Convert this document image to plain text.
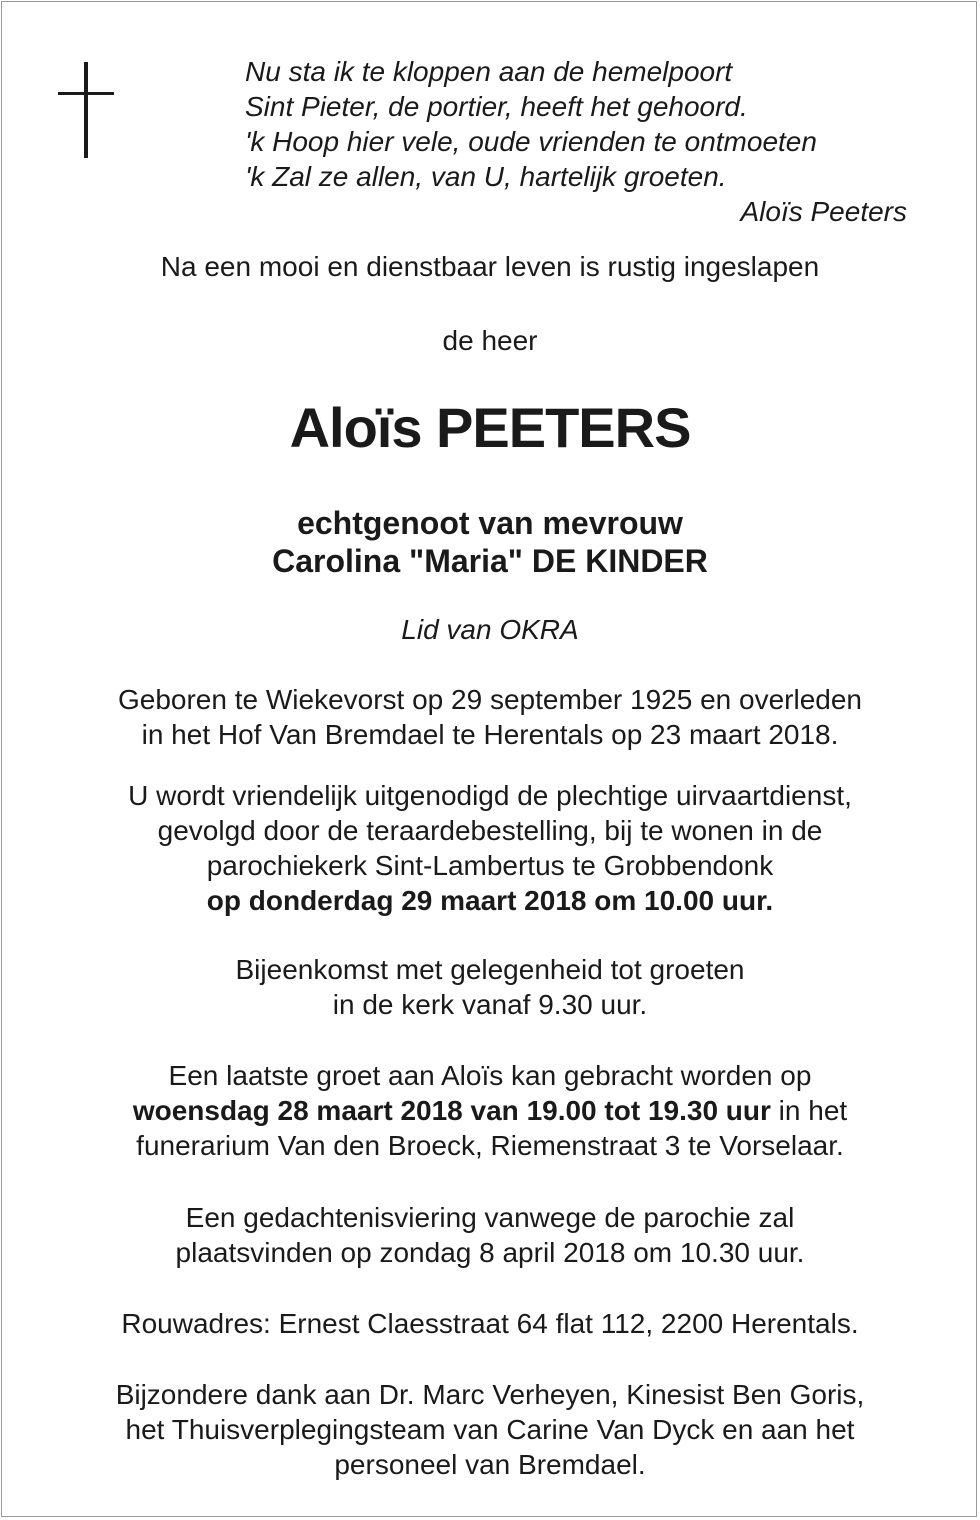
Nu sta ik te kloppen aan de hemelpoort
Sint Pieter, de portier, heeft het gehoord.
'k Hoop hier vele, oude vrienden te ontmoeten
'k Zal ze allen, van U, hartelijk groeten.
Aloïs Peeters
Na een mooi en dienstbaar leven is rustig ingeslapen
de heer
Aloïs PEETERS
echtgenoot van mevrouw
Carolina "Maria" DE KINDER
Lid van OKRA
Geboren te Wiekevorst op 29 september 1925 en overleden
in het Hof Van Bremdael te Herentals op 23 maart 2018.
U wordt vriendelijk uitgenodigd de plechtige uirvaartdienst,
gevolgd door de teraardebestelling, bij te wonen in de
parochiekerk Sint-Lambertus te Grobbendonk
op donderdag 29 maart 2018 om 10.00 uur.
Bijeenkomst met gelegenheid tot groeten
in de kerk vanaf 9.30 uur.
Een laatste groet aan Aloïs kan gebracht worden op
woensdag 28 maart 2018 van 19.00 tot 19.30 uur in het
funerarium Van den Broeck, Riemenstraat 3 te Vorselaar.
Een gedachtenisviering vanwege de parochie zal
plaatsvinden op zondag 8 april 2018 om 10.30 uur.
Rouwadres: Ernest Claesstraat 64 flat 112, 2200 Herentals.
Bijzondere dank aan Dr. Marc Verheyen, Kinesist Ben Goris,
het Thuisverplegingsteam van Carine Van Dyck en aan het
personeel van Bremdael.
